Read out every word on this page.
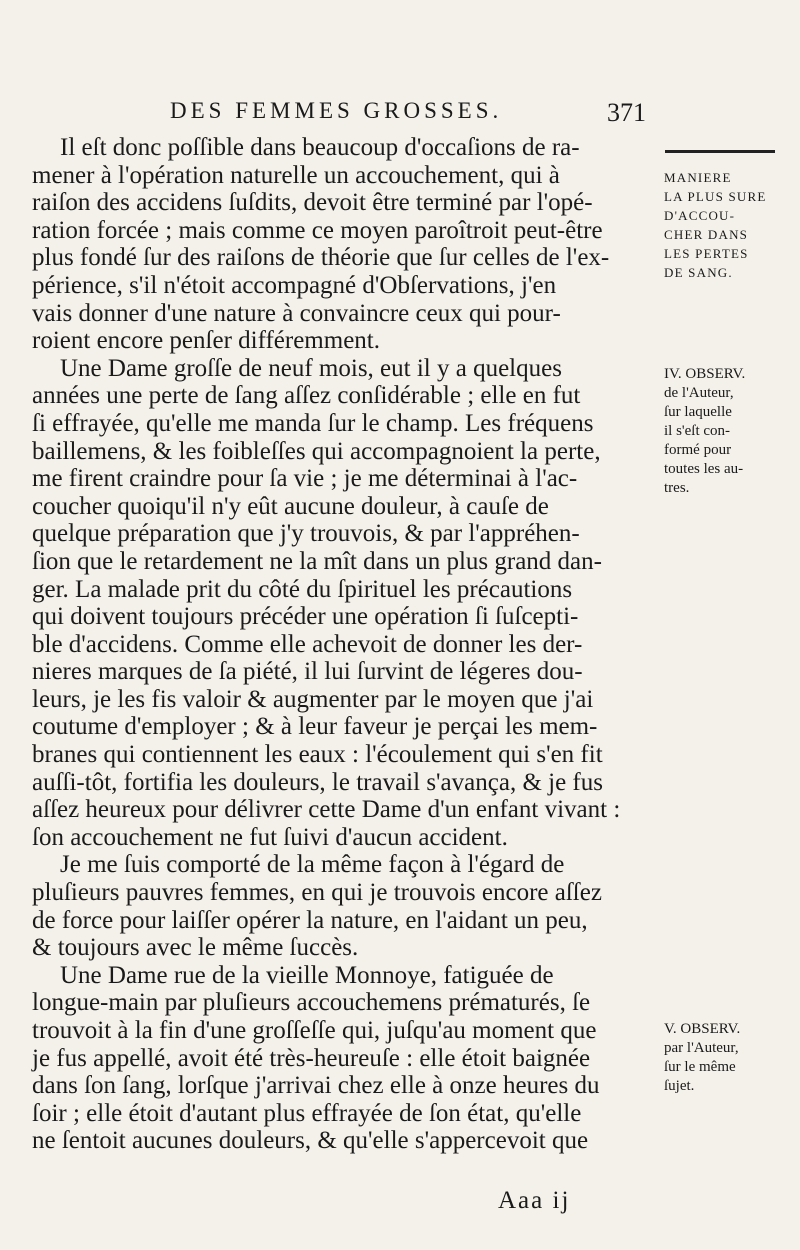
DES FEMMES GROSSES.	371

Il eſt donc poſſible dans beaucoup d'occaſions de ra-
mener à l'opération naturelle un accouchement, qui à
raiſon des accidens ſuſdits, devoit être terminé par l'opé-
ration forcée ; mais comme ce moyen paroîtroit peut-être
plus fondé ſur des raiſons de théorie que ſur celles de l'ex-
périence, s'il n'étoit accompagné d'Obſervations, j'en
vais donner d'une nature à convaincre ceux qui pour-
roient encore penſer différemment.

Une Dame groſſe de neuf mois, eut il y a quelques
années une perte de ſang aſſez conſidérable ; elle en fut
ſi effrayée, qu'elle me manda ſur le champ. Les fréquens
baillemens, & les foibleſſes qui accompagnoient la perte,
me firent craindre pour ſa vie ; je me déterminai à l'ac-
coucher quoiqu'il n'y eût aucune douleur, à cauſe de
quelque préparation que j'y trouvois, & par l'appréhen-
ſion que le retardement ne la mît dans un plus grand dan-
ger. La malade prit du côté du ſpirituel les précautions
qui doivent toujours précéder une opération ſi ſuſcepti-
ble d'accidens. Comme elle achevoit de donner les der-
nieres marques de ſa piété, il lui ſurvint de légeres dou-
leurs, je les fis valoir & augmenter par le moyen que j'ai
coutume d'employer ; & à leur faveur je perçai les mem-
branes qui contiennent les eaux : l'écoulement qui s'en fit
auſſi-tôt, fortifia les douleurs, le travail s'avança, & je fus
aſſez heureux pour délivrer cette Dame d'un enfant vivant :
ſon accouchement ne fut ſuivi d'aucun accident.

Je me ſuis comporté de la même façon à l'égard de
pluſieurs pauvres femmes, en qui je trouvois encore aſſez
de force pour laiſſer opérer la nature, en l'aidant un peu,
& toujours avec le même ſuccès.

Une Dame rue de la vieille Monnoye, fatiguée de
longue-main par pluſieurs accouchemens prématurés, ſe
trouvoit à la fin d'une groſſeſſe qui, juſqu'au moment que
je fus appellé, avoit été très-heureuſe : elle étoit baignée
dans ſon ſang, lorſque j'arrivai chez elle à onze heures du
ſoir ; elle étoit d'autant plus effrayée de ſon état, qu'elle
ne ſentoit aucunes douleurs, & qu'elle s'appercevoit que

MANIERE
LA PLUS SURE
D'ACCOU-
CHER DANS
LES PERTES
DE SANG.
IV. OBSERV.
de l'Auteur,
ſur laquelle
il s'eſt con-
formé pour
toutes les au-
tres.
V. OBSERV.
par l'Auteur,
ſur le même
ſujet.
Aaa ij
